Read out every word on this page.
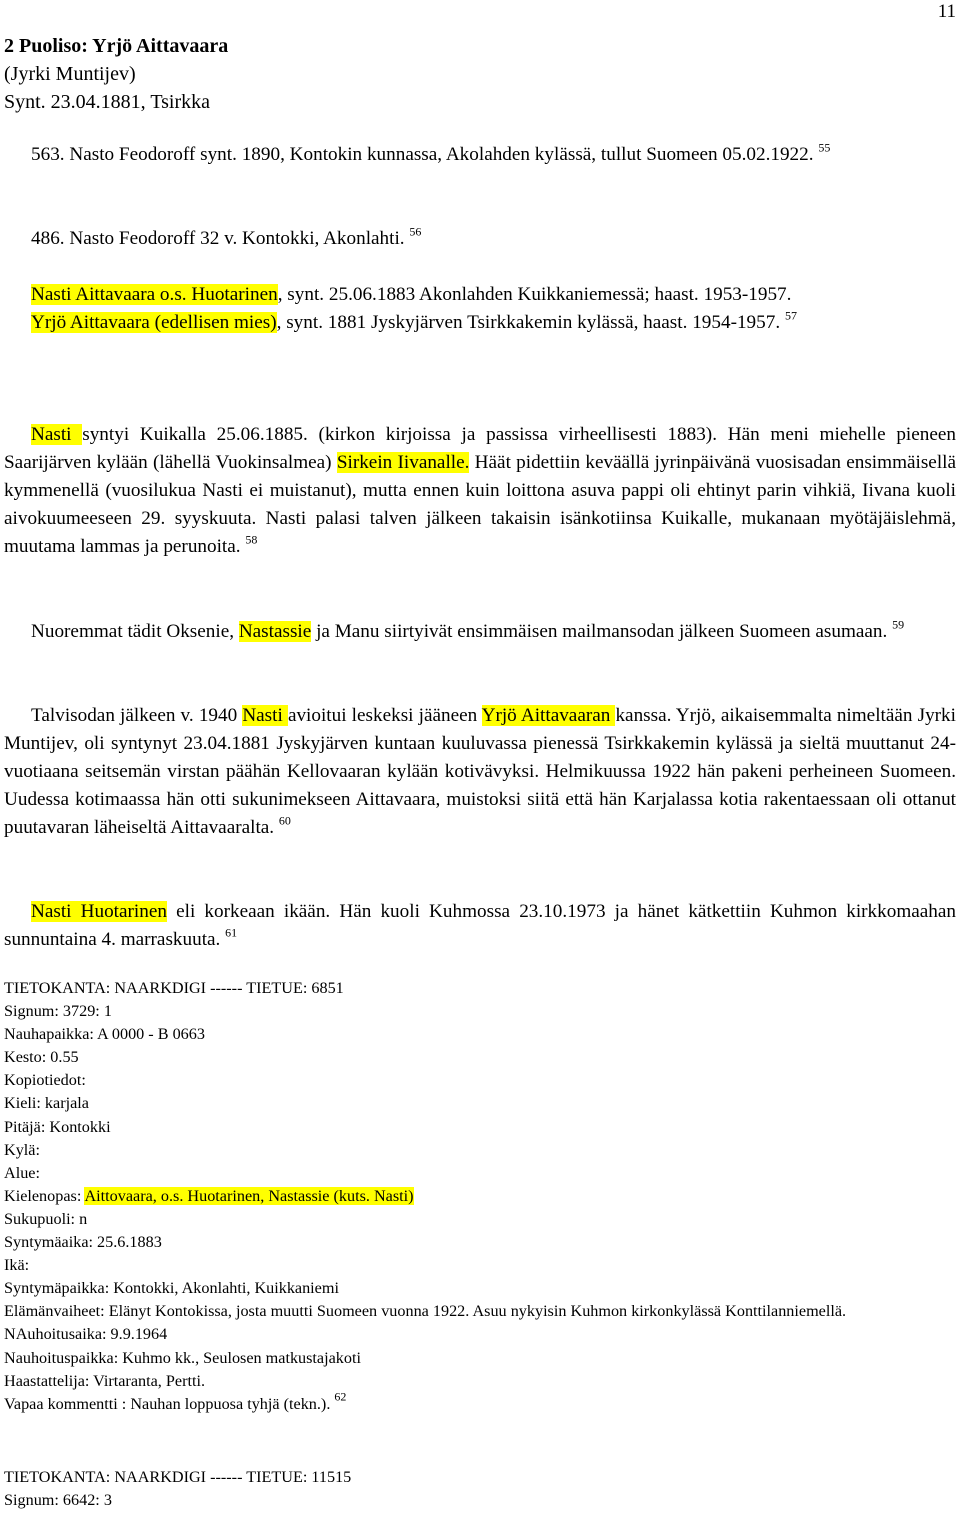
11
2 Puoliso: Yrjö Aittavaara
(Jyrki Muntijev)
Synt. 23.04.1881, Tsirkka

563. Nasto Feodoroff synt. 1890, Kontokin kunnassa, Akolahden kylässä, tullut Suomeen 05.02.1922. $^{55}$

486. Nasto Feodoroff 32 v. Kontokki, Akonlahti. $^{56}$

Nasti Aittavaara o.s. Huotarinen, synt. 25.06.1883 Akonlahden Kuikkaniemessä; haast. 1953-1957.
Yrjö Aittavaara (edellisen mies), synt. 1881 Jyskyjärven Tsirkkakemin kylässä, haast. 1954-1957. $^{57}$

Nasti syntyi Kuikalla 25.06.1885. (kirkon kirjoissa ja passissa virheellisesti 1883). Hän meni miehelle pieneen Saarijärven kylään (lähellä Vuokinsalmea) Sirkein Iivanalle. Häät pidettiin keväällä jyrinpäivänä vuosisadan ensimmäisellä kymmenellä (vuosilukua Nasti ei muistanut), mutta ennen kuin loittona asuva pappi oli ehtinyt parin vihkiä, Iivana kuoli aivokuumeeseen 29. syyskuuta. Nasti palasi talven jälkeen takaisin isänkotiinsa Kuikalle, mukanaan myötäjäislehmä, muutama lammas ja perunoita. $^{58}$

Nuoremmat tädit Oksenie, Nastassie ja Manu siirtyivät ensimmäisen mailmansodan jälkeen Suomeen asumaan. $^{59}$

Talvisodan jälkeen v. 1940 Nasti avioitui leskeksi jääneen Yrjö Aittavaaran kanssa. Yrjö, aikaisemmalta nimeltään Jyrki Muntijev, oli syntynyt 23.04.1881 Jyskyjärven kuntaan kuuluvassa pienessä Tsirkkakemin kylässä ja sieltä muuttanut 24-vuotiaana seitsemän virstan päähän Kellovaaran kylään kotivävyksi. Helmikuussa 1922 hän pakeni perheineen Suomeen. Uudessa kotimaassa hän otti sukunimekseen Aittavaara, muistoksi siitä että hän Karjalassa kotia rakentaessaan oli ottanut puutavaran läheiseltä Aittavaaralta. $^{60}$

Nasti Huotarinen eli korkeaan ikään. Hän kuoli Kuhmossa 23.10.1973 ja hänet kätkettiin Kuhmon kirkkomaahan sunnuntaina 4. marraskuuta. $^{61}$

TIETOKANTA: NAARKDIGI ------ TIETUE: 6851
Signum: 3729: 1
Nauhapaikka: A 0000 - B 0663
Kesto: 0.55
Kopiotiedot:
Kieli: karjala
Pitäjä: Kontokki
Kylä:
Alue:
Kielenopas: Aittovaara, o.s. Huotarinen, Nastassie (kuts. Nasti)
Sukupuoli: n
Syntymäaika: 25.6.1883
Ikä:
Syntymäpaikka: Kontokki, Akonlahti, Kuikkaniemi
Elämänvaiheet: Elänyt Kontokissa, josta muutti Suomeen vuonna 1922. Asuu nykyisin Kuhmon kirkonkylässä Konttilanniemellä.
NAuhoitusaika: 9.9.1964
Nauhoituspaikka: Kuhmo kk., Seulosen matkustajakoti
Haastattelija: Virtaranta, Pertti.
Vapaa kommentti : Nauhan loppuosa tyhjä (tekn.). $^{62}$
TIETOKANTA: NAARKDIGI ------ TIETUE: 11515
Signum: 6642: 3
